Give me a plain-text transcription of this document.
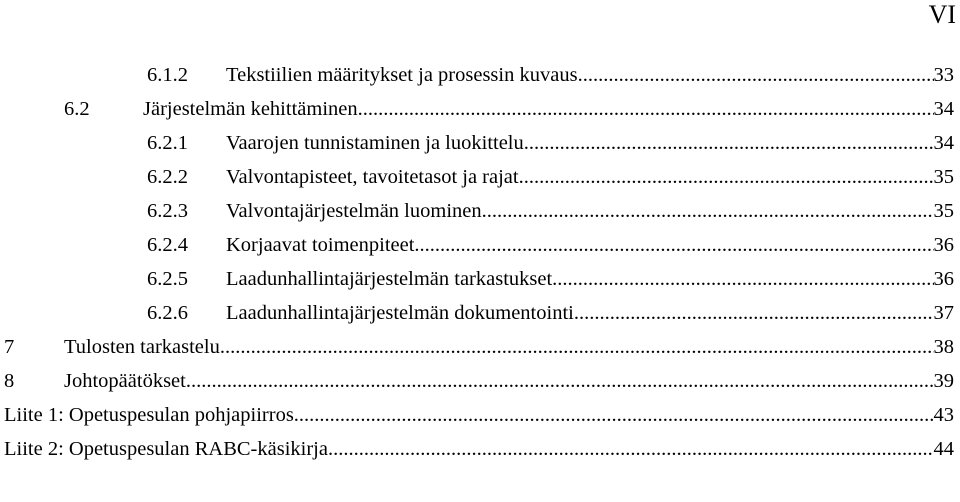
VI
6.1.2 Tekstiilien määritykset ja prosessin kuvaus .....	33
6.2	Järjestelmän kehittäminen .....	34
6.2.1 Vaarojen tunnistaminen ja luokittelu .....	34
6.2.2 Valvontapisteet, tavoitetasot ja rajat .....	35
6.2.3 Valvontajärjestelmän luominen .....	35
6.2.4 Korjaavat toimenpiteet .....	36
6.2.5 Laadunhallintajärjestelmän tarkastukset .....	36
6.2.6 Laadunhallintajärjestelmän dokumentointi .....	37
7 Tulosten tarkastelu .....	38
8 Johtopäätökset .....	39
Liite 1: Opetuspesulan pohjapiirros .....	43
Liite 2: Opetuspesulan RABC-käsikirja .....	44
